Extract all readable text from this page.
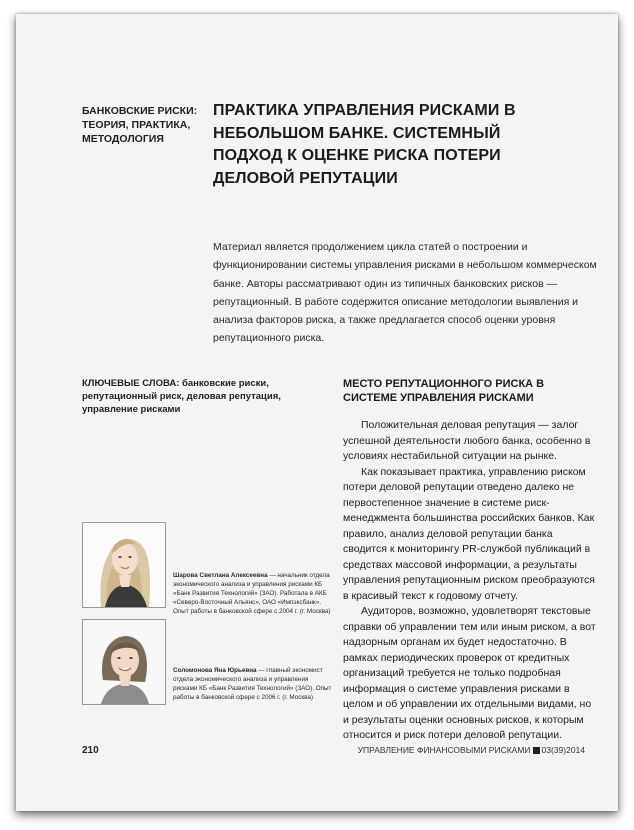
БАНКОВСКИЕ РИСКИ: ТЕОРИЯ, ПРАКТИКА, МЕТОДОЛОГИЯ
ПРАКТИКА УПРАВЛЕНИЯ РИСКАМИ В НЕБОЛЬШОМ БАНКЕ. СИСТЕМНЫЙ ПОДХОД К ОЦЕНКЕ РИСКА ПОТЕРИ ДЕЛОВОЙ РЕПУТАЦИИ
Материал является продолжением цикла статей о построении и функционировании системы управления рисками в небольшом коммерческом банке. Авторы рассматривают один из типичных банковских рисков — репутационный. В работе содержится описание методологии выявления и анализа факторов риска, а также предлагается способ оценки уровня репутационного риска.
КЛЮЧЕВЫЕ СЛОВА: банковские риски, репутационный риск, деловая репутация, управление рисками
МЕСТО РЕПУТАЦИОННОГО РИСКА В СИСТЕМЕ УПРАВЛЕНИЯ РИСКАМИ

Положительная деловая репутация — залог успешной деятельности любого банка, особенно в условиях нестабильной ситуации на рынке.

Как показывает практика, управлению риском потери деловой репутации отведено далеко не первостепенное значение в системе риск-менеджмента большинства российских банков. Как правило, анализ деловой репутации банка сводится к мониторингу PR-службой публикаций в средствах массовой информации, а результаты управления репутационным риском преобразуются в красивый текст к годовому отчету.

Аудиторов, возможно, удовлетворят текстовые справки об управлении тем или иным риском, а вот надзорным органам их будет недостаточно. В рамках периодических проверок от кредитных организаций требуется не только подробная информация о системе управления рисками в целом и об управлении их отдельными видами, но и результаты оценки основных рисков, к которым относится и риск потери деловой репутации.

Шарова Светлана Алексеевна — начальник отдела экономического анализа и управления рисками КБ «Банк Развития Технологий» (ЗАО). Работала в АКБ «Северо-Восточный Альянс», ОАО «Импэксбанк». Опыт работы в банковской сфере с 2004 г. (г. Москва)
Соломонова Яна Юрьевна — главный экономист отдела экономического анализа и управления рисками КБ «Банк Развития Технологий» (ЗАО). Опыт работы в банковской сфере с 2006 г. (г. Москва)
210	УПРАВЛЕНИЕ ФИНАНСОВЫМИ РИСКАМИ 03(39)2014
